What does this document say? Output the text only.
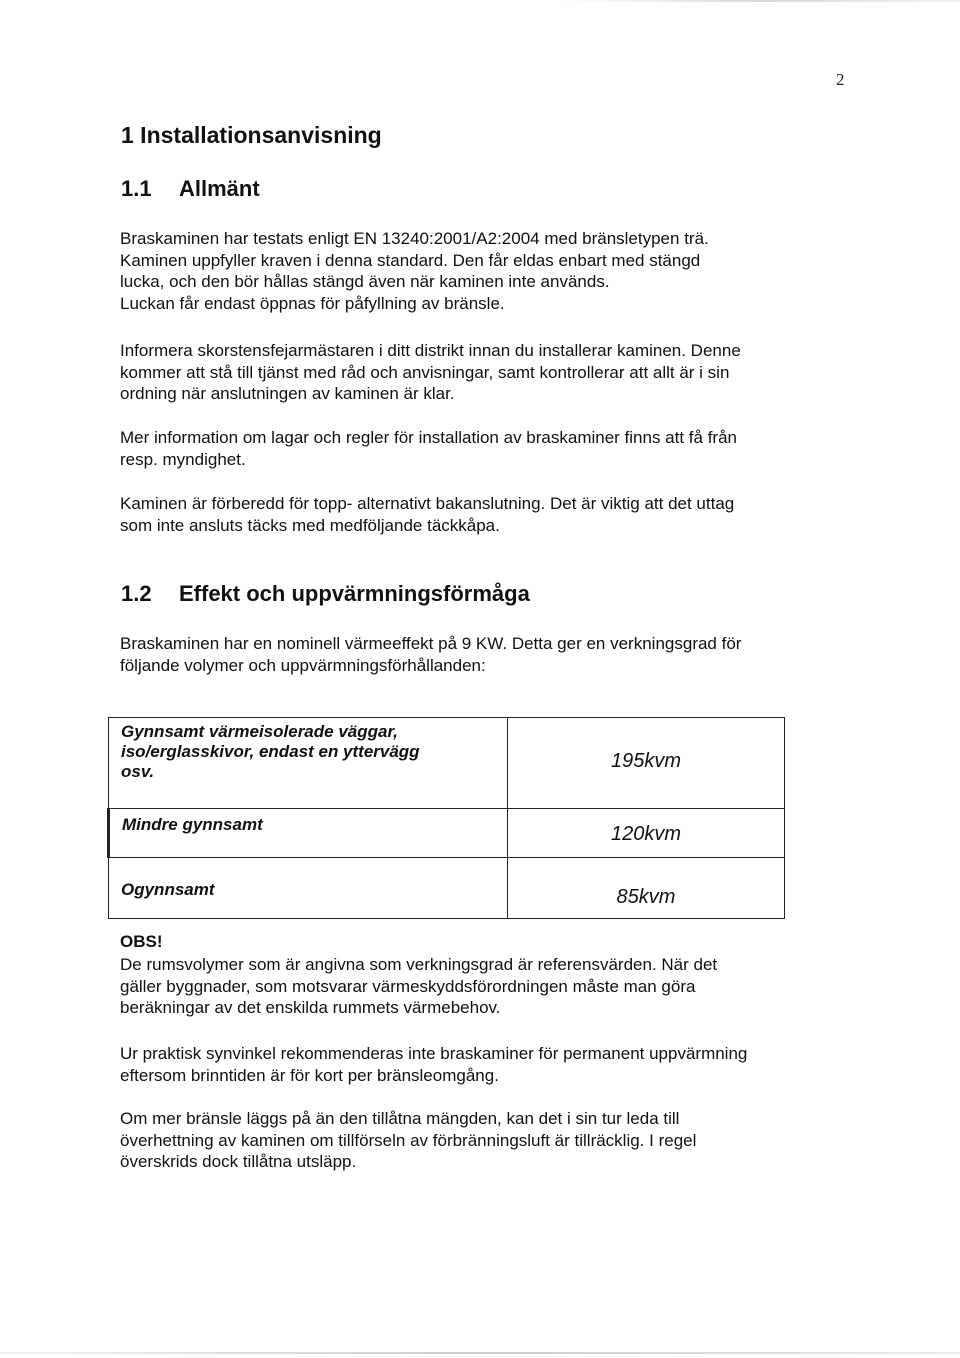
2
1 Installationsanvisning
1.1 Allmänt

Braskaminen har testats enligt EN 13240:2001/A2:2004 med bränsletypen trä.
Kaminen uppfyller kraven i denna standard. Den får eldas enbart med stängd
lucka, och den bör hållas stängd även när kaminen inte används.
Luckan får endast öppnas för påfyllning av bränsle.

Informera skorstensfejarmästaren i ditt distrikt innan du installerar kaminen. Denne
kommer att stå till tjänst med råd och anvisningar, samt kontrollerar att allt är i sin
ordning när anslutningen av kaminen är klar.

Mer information om lagar och regler för installation av braskaminer finns att få från
resp. myndighet.

Kaminen är förberedd för topp- alternativt bakanslutning. Det är viktig att det uttag
som inte ansluts täcks med medföljande täckkåpa.

1.2 Effekt och uppvärmningsförmåga

Braskaminen har en nominell värmeeffekt på 9 KW. Detta ger en verkningsgrad för
följande volymer och uppvärmningsförhållanden:

Gynnsamt värmeisolerade väggar,
iso/erglasskivor, endast en yttervägg
osv.	195kvm

Mindre gynnsamt	120kvm

Ogynnsamt	85kvm
OBS!

De rumsvolymer som är angivna som verkningsgrad är referensvärden. När det
gäller byggnader, som motsvarar värmeskyddsförordningen måste man göra
beräkningar av det enskilda rummets värmebehov.

Ur praktisk synvinkel rekommenderas inte braskaminer för permanent uppvärmning
eftersom brinntiden är för kort per bränsleomgång.

Om mer bränsle läggs på än den tillåtna mängden, kan det i sin tur leda till
överhettning av kaminen om tillförseln av förbränningsluft är tillräcklig. I regel
överskrids dock tillåtna utsläpp.
